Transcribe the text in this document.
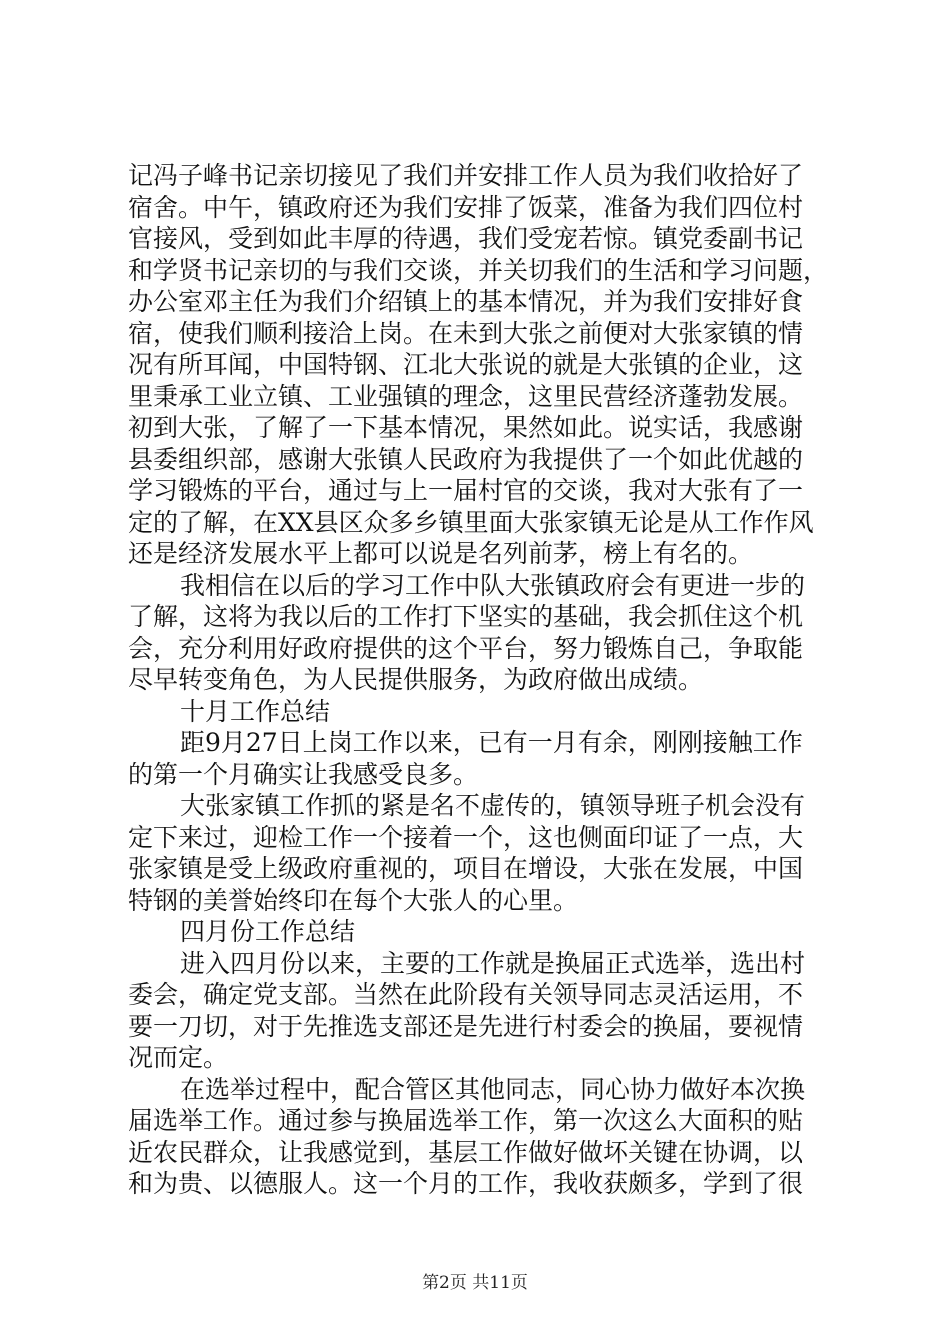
记冯子峰书记亲切接见了我们并安排工作人员为我们收拾好了
宿舍。中午，镇政府还为我们安排了饭菜，准备为我们四位村
官接风，受到如此丰厚的待遇，我们受宠若惊。镇党委副书记
和学贤书记亲切的与我们交谈，并关切我们的生活和学习问题，
办公室邓主任为我们介绍镇上的基本情况，并为我们安排好食
宿，使我们顺利接洽上岗。在未到大张之前便对大张家镇的情
况有所耳闻，中国特钢、江北大张说的就是大张镇的企业，这
里秉承工业立镇、工业强镇的理念，这里民营经济蓬勃发展。
初到大张，了解了一下基本情况，果然如此。说实话，我感谢
县委组织部，感谢大张镇人民政府为我提供了一个如此优越的
学习锻炼的平台，通过与上一届村官的交谈，我对大张有了一
定的了解，在XX县区众多乡镇里面大张家镇无论是从工作作风
还是经济发展水平上都可以说是名列前茅，榜上有名的。
我相信在以后的学习工作中队大张镇政府会有更进一步的
了解，这将为我以后的工作打下坚实的基础，我会抓住这个机
会，充分利用好政府提供的这个平台，努力锻炼自己，争取能
尽早转变角色，为人民提供服务，为政府做出成绩。
十月工作总结
距9月27日上岗工作以来，已有一月有余，刚刚接触工作
的第一个月确实让我感受良多。
大张家镇工作抓的紧是名不虚传的，镇领导班子机会没有
定下来过，迎检工作一个接着一个，这也侧面印证了一点，大
张家镇是受上级政府重视的，项目在增设，大张在发展，中国
特钢的美誉始终印在每个大张人的心里。
四月份工作总结
进入四月份以来，主要的工作就是换届正式选举，选出村
委会，确定党支部。当然在此阶段有关领导同志灵活运用，不
要一刀切，对于先推选支部还是先进行村委会的换届，要视情
况而定。
在选举过程中，配合管区其他同志，同心协力做好本次换
届选举工作。通过参与换届选举工作，第一次这么大面积的贴
近农民群众，让我感觉到，基层工作做好做坏关键在协调，以
和为贵、以德服人。这一个月的工作，我收获颇多，学到了很
第2页 共11页
